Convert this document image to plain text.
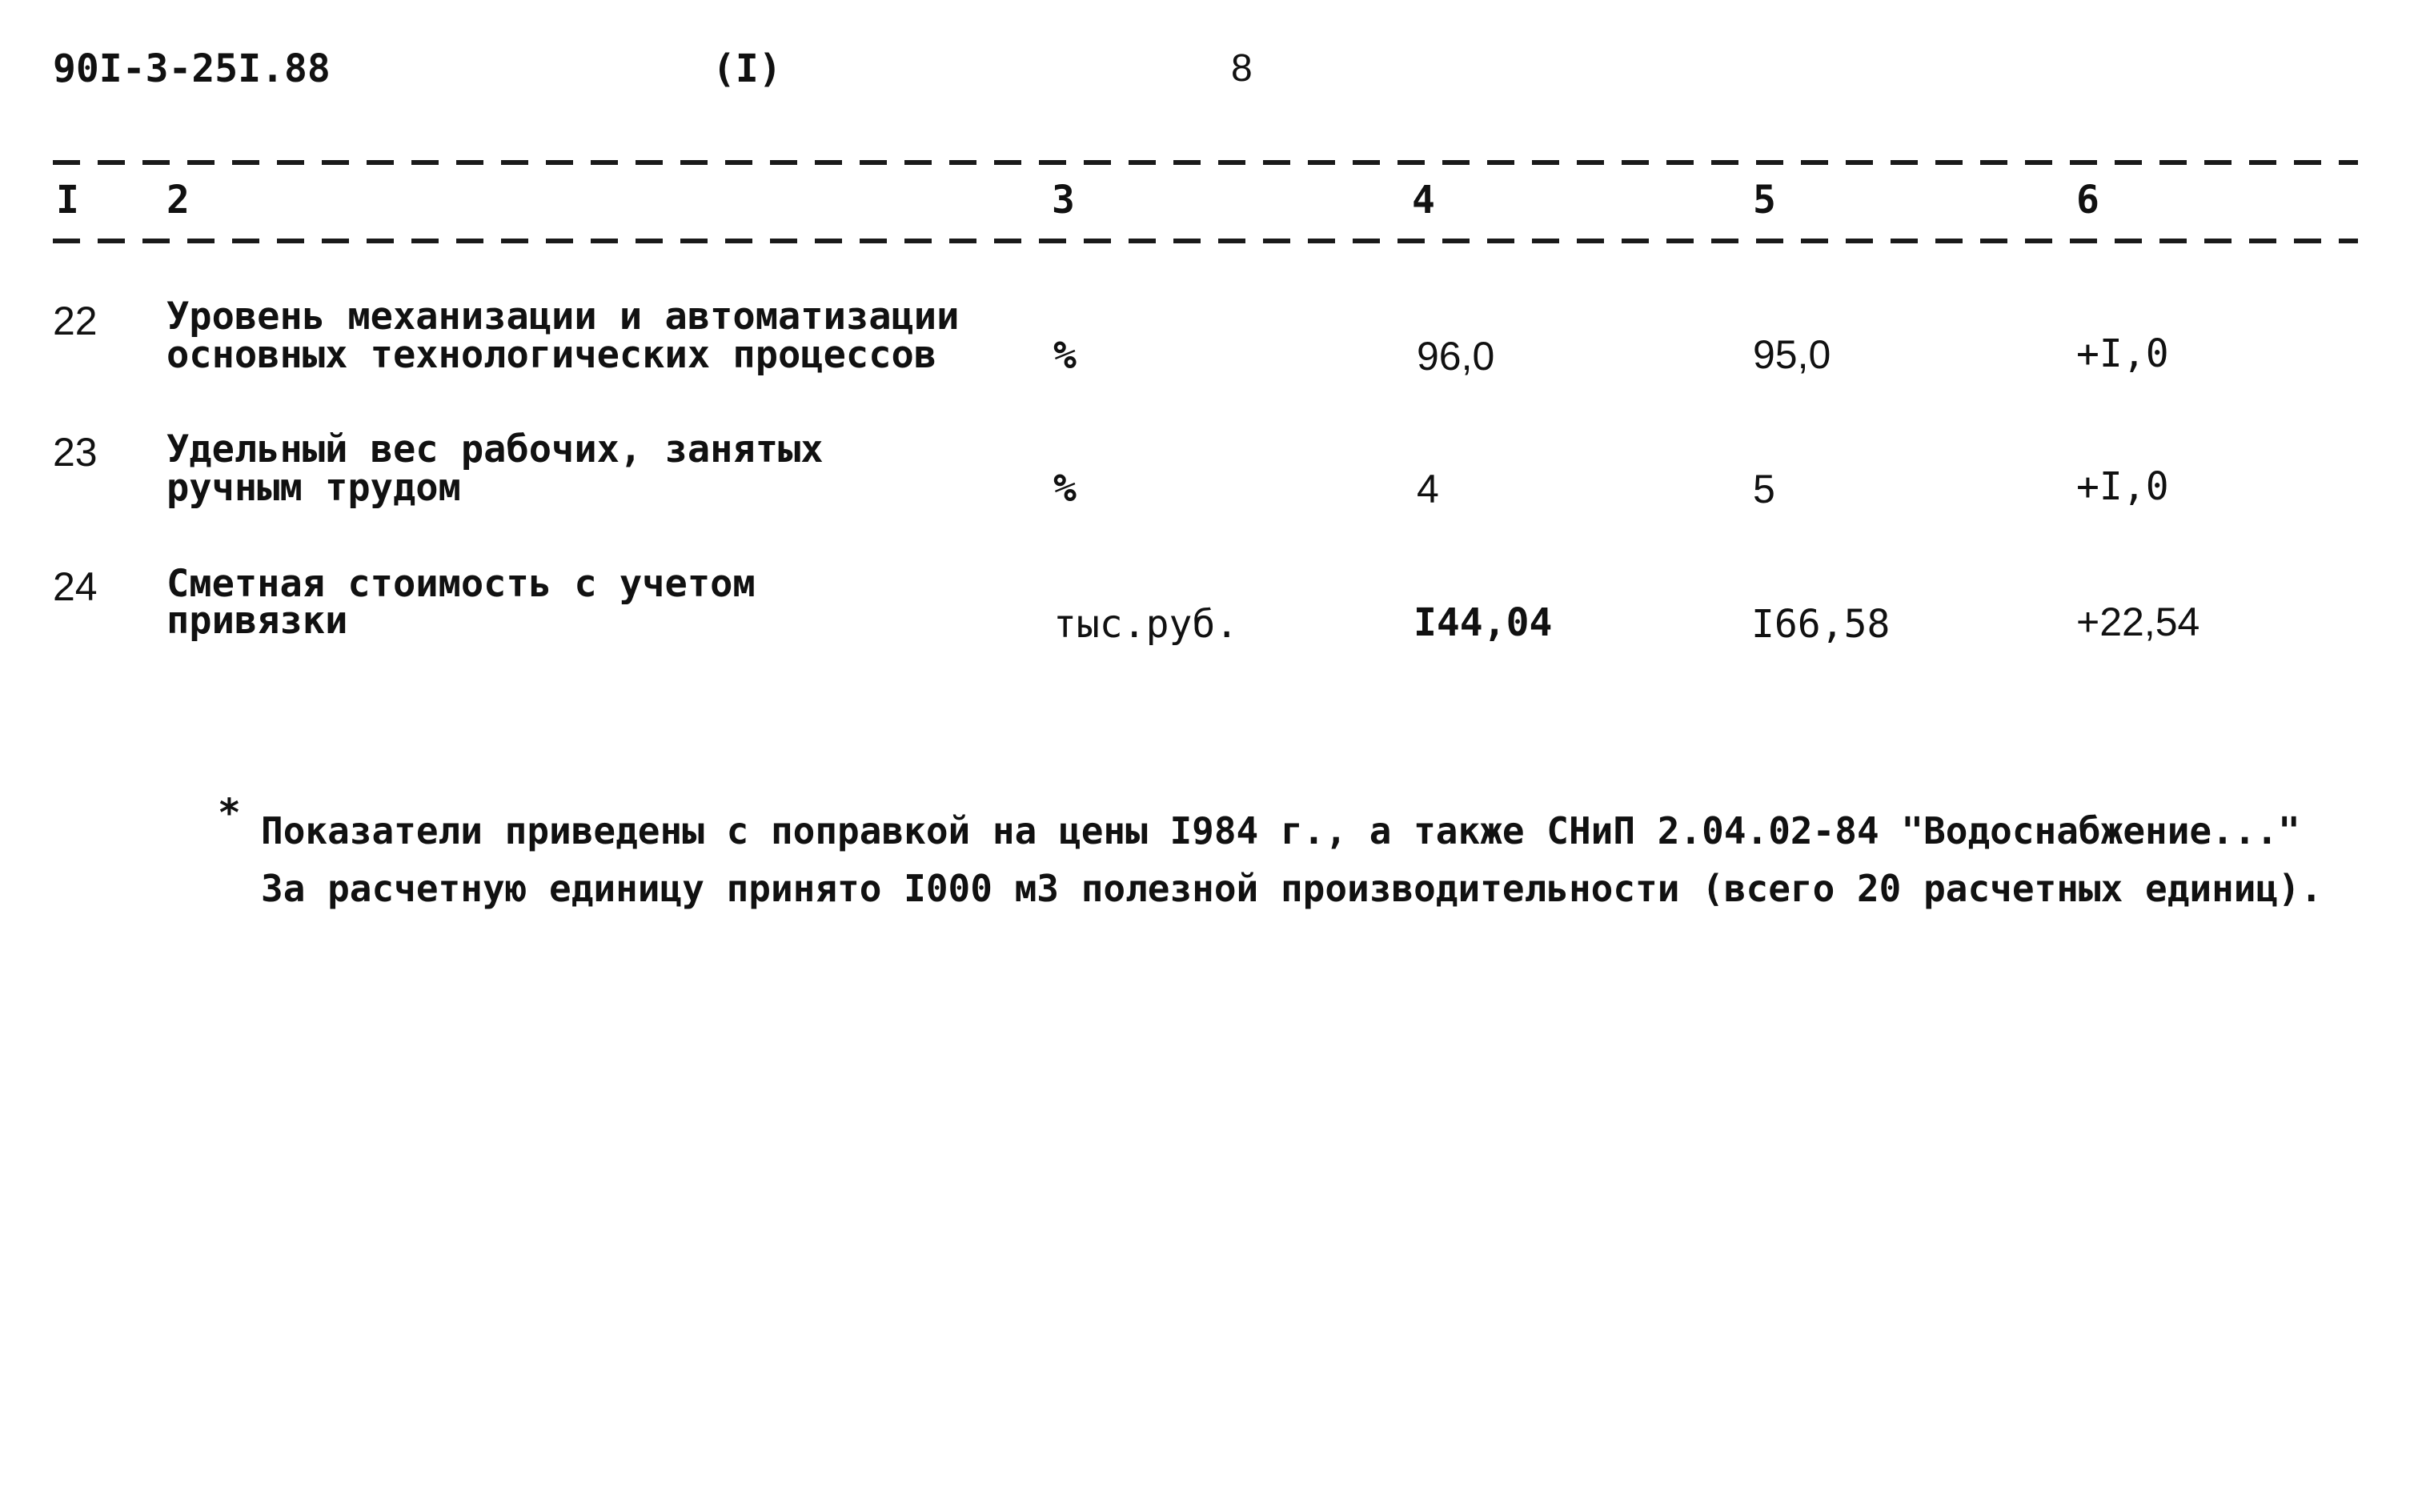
90I-3-25I.88	(I)	8
I 2	3	4	5	6
22 Уровень механизации и автоматизации
основных технологических процессов	%	96,0	95,0	+I,0
23 Удельный вес рабочих, занятых
ручным трудом	%	4	5	+I,0
24 Сметная стоимость с учетом
привязки	тыс.руб.	I44,04	I66,58	+22,54
* Показатели приведены с поправкой на цены I984 г., а также СНиП 2.04.02-84 "Водоснабжение..."
За расчетную единицу принято I000 м3 полезной производительности (всего 20 расчетных единиц).
